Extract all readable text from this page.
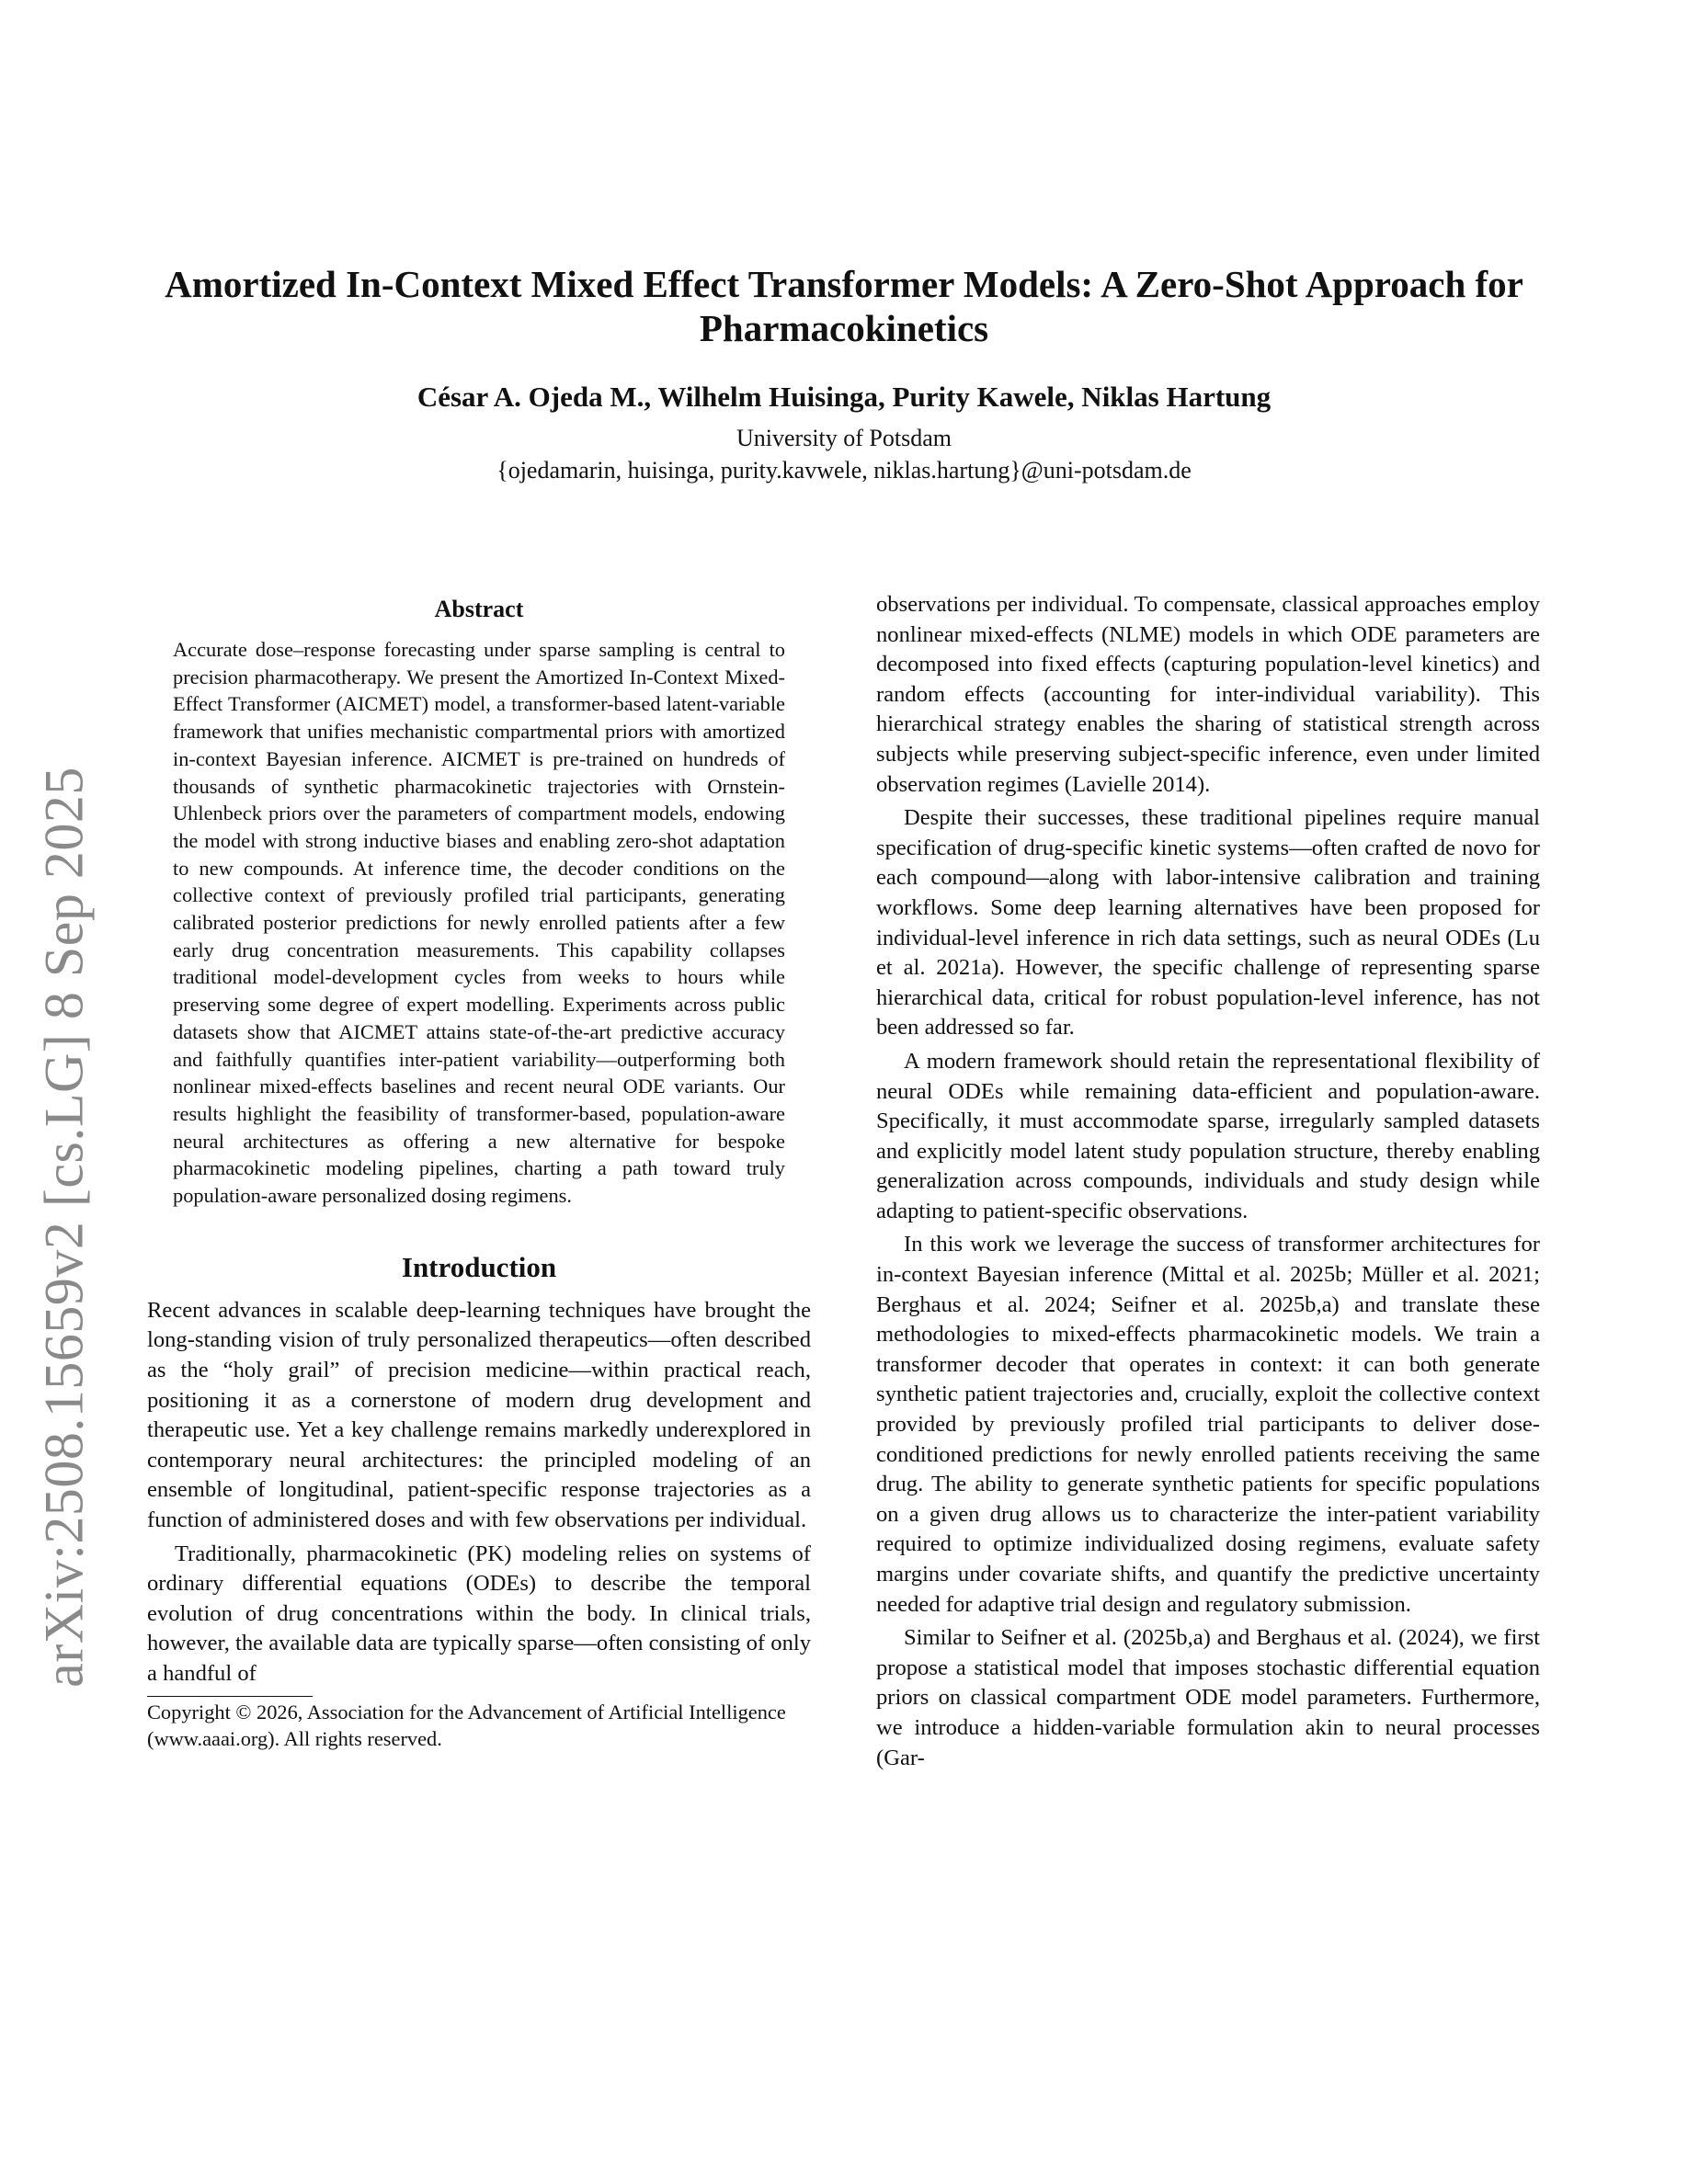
arXiv:2508.15659v2 [cs.LG] 8 Sep 2025
Amortized In-Context Mixed Effect Transformer Models: A Zero-Shot Approach for Pharmacokinetics
César A. Ojeda M., Wilhelm Huisinga, Purity Kawele, Niklas Hartung
University of Potsdam
{ojedamarin, huisinga, purity.kavwele, niklas.hartung}@uni-potsdam.de
Abstract

Accurate dose–response forecasting under sparse sampling is central to precision pharmacotherapy. We present the Amortized In-Context Mixed-Effect Transformer (AICMET) model, a transformer-based latent-variable framework that unifies mechanistic compartmental priors with amortized in-context Bayesian inference. AICMET is pre-trained on hundreds of thousands of synthetic pharmacokinetic trajectories with Ornstein-Uhlenbeck priors over the parameters of compartment models, endowing the model with strong inductive biases and enabling zero-shot adaptation to new compounds. At inference time, the decoder conditions on the collective context of previously profiled trial participants, generating calibrated posterior predictions for newly enrolled patients after a few early drug concentration measurements. This capability collapses traditional model-development cycles from weeks to hours while preserving some degree of expert modelling. Experiments across public datasets show that AICMET attains state-of-the-art predictive accuracy and faithfully quantifies inter-patient variability—outperforming both nonlinear mixed-effects baselines and recent neural ODE variants. Our results highlight the feasibility of transformer-based, population-aware neural architectures as offering a new alternative for bespoke pharmacokinetic modeling pipelines, charting a path toward truly population-aware personalized dosing regimens.

Introduction

Recent advances in scalable deep-learning techniques have brought the long-standing vision of truly personalized therapeutics—often described as the “holy grail” of precision medicine—within practical reach, positioning it as a cornerstone of modern drug development and therapeutic use. Yet a key challenge remains markedly underexplored in contemporary neural architectures: the principled modeling of an ensemble of longitudinal, patient-specific response trajectories as a function of administered doses and with few observations per individual.

Traditionally, pharmacokinetic (PK) modeling relies on systems of ordinary differential equations (ODEs) to describe the temporal evolution of drug concentrations within the body. In clinical trials, however, the available data are typically sparse—often consisting of only a handful of

Copyright © 2026, Association for the Advancement of Artificial Intelligence (www.aaai.org). All rights reserved.

observations per individual. To compensate, classical approaches employ nonlinear mixed-effects (NLME) models in which ODE parameters are decomposed into fixed effects (capturing population-level kinetics) and random effects (accounting for inter-individual variability). This hierarchical strategy enables the sharing of statistical strength across subjects while preserving subject-specific inference, even under limited observation regimes (Lavielle 2014).

Despite their successes, these traditional pipelines require manual specification of drug-specific kinetic systems—often crafted de novo for each compound—along with labor-intensive calibration and training workflows. Some deep learning alternatives have been proposed for individual-level inference in rich data settings, such as neural ODEs (Lu et al. 2021a). However, the specific challenge of representing sparse hierarchical data, critical for robust population-level inference, has not been addressed so far.

A modern framework should retain the representational flexibility of neural ODEs while remaining data-efficient and population-aware. Specifically, it must accommodate sparse, irregularly sampled datasets and explicitly model latent study population structure, thereby enabling generalization across compounds, individuals and study design while adapting to patient-specific observations.

In this work we leverage the success of transformer architectures for in-context Bayesian inference (Mittal et al. 2025b; Müller et al. 2021; Berghaus et al. 2024; Seifner et al. 2025b,a) and translate these methodologies to mixed-effects pharmacokinetic models. We train a transformer decoder that operates in context: it can both generate synthetic patient trajectories and, crucially, exploit the collective context provided by previously profiled trial participants to deliver dose-conditioned predictions for newly enrolled patients receiving the same drug. The ability to generate synthetic patients for specific populations on a given drug allows us to characterize the inter-patient variability required to optimize individualized dosing regimens, evaluate safety margins under covariate shifts, and quantify the predictive uncertainty needed for adaptive trial design and regulatory submission.

Similar to Seifner et al. (2025b,a) and Berghaus et al. (2024), we first propose a statistical model that imposes stochastic differential equation priors on classical compartment ODE model parameters. Furthermore, we introduce a hidden-variable formulation akin to neural processes (Gar-
